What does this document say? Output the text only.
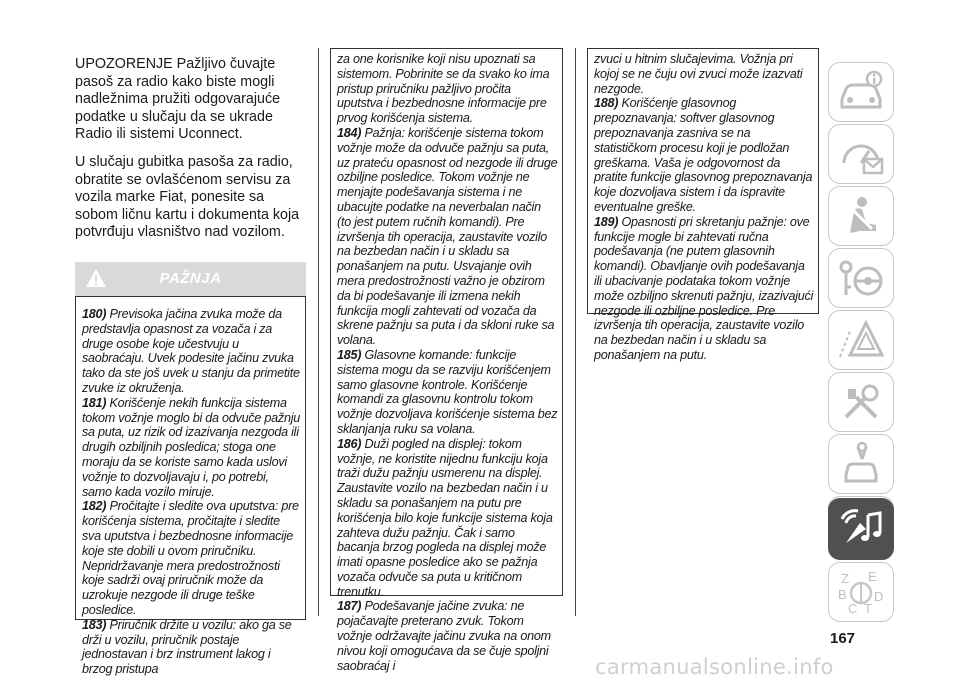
UPOZORENJE Pažljivo čuvajte pasoš za radio kako biste mogli nadležnima pružiti odgovarajuće podatke u slučaju da se ukrade Radio ili sistemi Uconnect.
U slučaju gubitka pasoša za radio, obratite se ovlašćenom servisu za vozila marke Fiat, ponesite sa sobom ličnu kartu i dokumenta koja potvrđuju vlasništvo nad vozilom.
PAŽNJA

180) Previsoka jačina zvuka može da predstavlja opasnost za vozača i za druge osobe koje učestvuju u saobraćaju. Uvek podesite jačinu zvuka tako da ste još uvek u stanju da primetite zvuke iz okruženja.

181) Korišćenje nekih funkcija sistema tokom vožnje moglo bi da odvuče pažnju sa puta, uz rizik od izazivanja nezgoda ili drugih ozbiljnih posledica; stoga one moraju da se koriste samo kada uslovi vožnje to dozvoljavaju i, po potrebi, samo kada vozilo miruje.

182) Pročitajte i sledite ova uputstva: pre korišćenja sistema, pročitajte i sledite sva uputstva i bezbednosne informacije koje ste dobili u ovom priručniku. Nepridržavanje mera predostrožnosti koje sadrži ovaj priručnik može da uzrokuje nezgode ili druge teške posledice.

183) Priručnik držite u vozilu: ako ga se drži u vozilu, priručnik postaje jednostavan i brz instrument lakog i brzog pristupa

za one korisnike koji nisu upoznati sa sistemom. Pobrinite se da svako ko ima pristup priručniku pažljivo pročita uputstva i bezbednosne informacije pre prvog korišćenja sistema.

184) Pažnja: korišćenje sistema tokom vožnje može da odvuče pažnju sa puta, uz prateću opasnost od nezgode ili druge ozbiljne posledice. Tokom vožnje ne menjajte podešavanja sistema i ne ubacujte podatke na neverbalan način (to jest putem ručnih komandi). Pre izvršenja tih operacija, zaustavite vozilo na bezbedan način i u skladu sa ponašanjem na putu. Usvajanje ovih mera predostrožnosti važno je obzirom da bi podešavanje ili izmena nekih funkcija mogli zahtevati od vozača da skrene pažnju sa puta i da skloni ruke sa volana.

185) Glasovne komande: funkcije sistema mogu da se razviju korišćenjem samo glasovne kontrole. Korišćenje komandi za glasovnu kontrolu tokom vožnje dozvoljava korišćenje sistema bez sklanjanja ruku sa volana.

186) Duži pogled na displej: tokom vožnje, ne koristite nijednu funkciju koja traži dužu pažnju usmerenu na displej. Zaustavite vozilo na bezbedan način i u skladu sa ponašanjem na putu pre korišćenja bilo koje funkcije sistema koja zahteva dužu pažnju. Čak i samo bacanja brzog pogleda na displej može imati opasne posledice ako se pažnja vozača odvuče sa puta u kritičnom trenutku.

187) Podešavanje jačine zvuka: ne pojačavajte preterano zvuk. Tokom vožnje održavajte jačinu zvuka na onom nivou koji omogućava da se čuje spoljni saobraćaj i

zvuci u hitnim slučajevima. Vožnja pri kojoj se ne čuju ovi zvuci može izazvati nezgode.

188) Korišćenje glasovnog prepoznavanja: softver glasovnog prepoznavanja zasniva se na statističkom procesu koji je podložan greškama. Vaša je odgovornost da pratite funkcije glasovnog prepoznavanja koje dozvoljava sistem i da ispravite eventualne greške.

189) Opasnosti pri skretanju pažnje: ove funkcije mogle bi zahtevati ručna podešavanja (ne putem glasovnih komandi). Obavljanje ovih podešavanja ili ubacivanje podataka tokom vožnje može ozbiljno skrenuti pažnju, izazivajući nezgode ili ozbiljne posledice. Pre izvršenja tih operacija, zaustavite vozilo na bezbedan način i u skladu sa ponašanjem na putu.

Z E
B D
C T
167
carmanualsonline.info
